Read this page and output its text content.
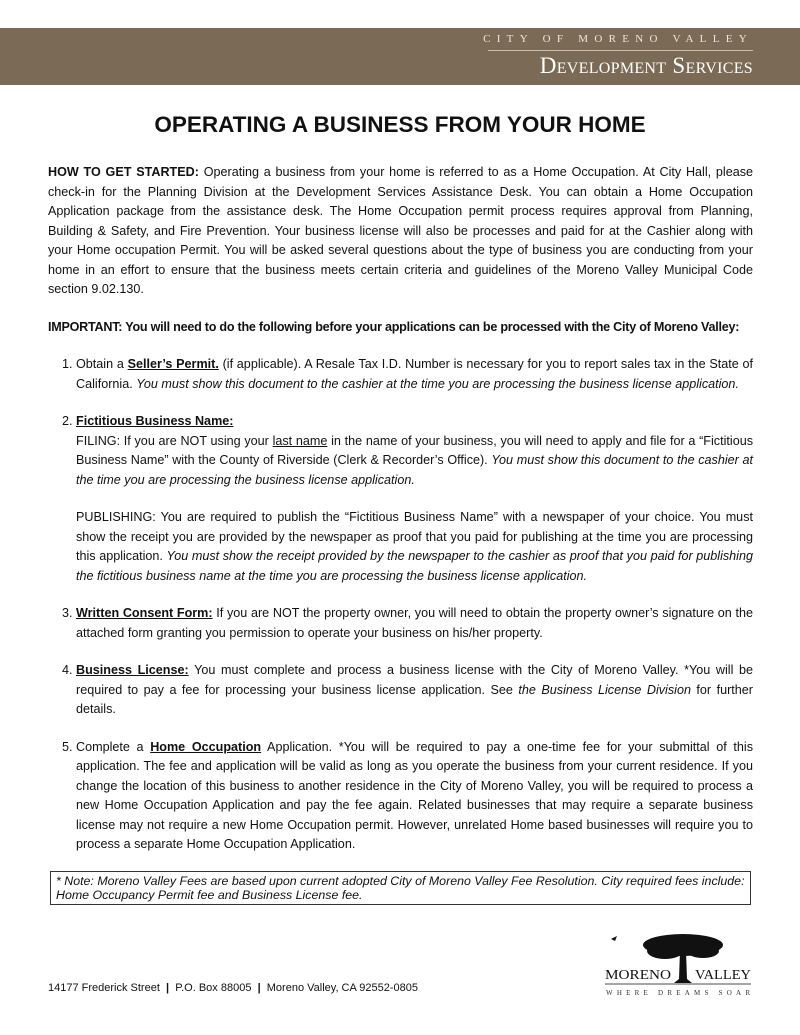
CITY OF MORENO VALLEY
Development Services
OPERATING A BUSINESS FROM YOUR HOME

HOW TO GET STARTED: Operating a business from your home is referred to as a Home Occupation. At City Hall, please check-in for the Planning Division at the Development Services Assistance Desk. You can obtain a Home Occupation Application package from the assistance desk. The Home Occupation permit process requires approval from Planning, Building & Safety, and Fire Prevention. Your business license will also be processes and paid for at the Cashier along with your Home occupation Permit. You will be asked several questions about the type of business you are conducting from your home in an effort to ensure that the business meets certain criteria and guidelines of the Moreno Valley Municipal Code section 9.02.130.

IMPORTANT: You will need to do the following before your applications can be processed with the City of Moreno Valley:

1. Obtain a Seller’s Permit. (if applicable). A Resale Tax I.D. Number is necessary for you to report sales tax in the State of California. You must show this document to the cashier at the time you are processing the business license application.
2. Fictitious Business Name:
FILING: If you are NOT using your last name in the name of your business, you will need to apply and file for a “Fictitious Business Name” with the County of Riverside (Clerk & Recorder’s Office). You must show this document to the cashier at the time you are processing the business license application.
PUBLISHING: You are required to publish the “Fictitious Business Name” with a newspaper of your choice. You must show the receipt you are provided by the newspaper as proof that you paid for publishing at the time you are processing this application. You must show the receipt provided by the newspaper to the cashier as proof that you paid for publishing the fictitious business name at the time you are processing the business license application.
3. Written Consent Form: If you are NOT the property owner, you will need to obtain the property owner’s signature on the attached form granting you permission to operate your business on his/her property.
4. Business License: You must complete and process a business license with the City of Moreno Valley. *You will be required to pay a fee for processing your business license application. See the Business License Division for further details.
5. Complete a Home Occupation Application. *You will be required to pay a one-time fee for your submittal of this application. The fee and application will be valid as long as you operate the business from your current residence. If you change the location of this business to another residence in the City of Moreno Valley, you will be required to process a new Home Occupation Application and pay the fee again. Related businesses that may require a separate business license may not require a new Home Occupation permit. However, unrelated Home based businesses will require you to process a separate Home Occupation Application.
* Note: Moreno Valley Fees are based upon current adopted City of Moreno Valley Fee Resolution. City required fees include: Home Occupancy Permit fee and Business License fee.
14177 Frederick Street  |  P.O. Box 88005  |  Moreno Valley, CA 92552-0805
MORENO VALLEY
WHERE DREAMS SOAR
